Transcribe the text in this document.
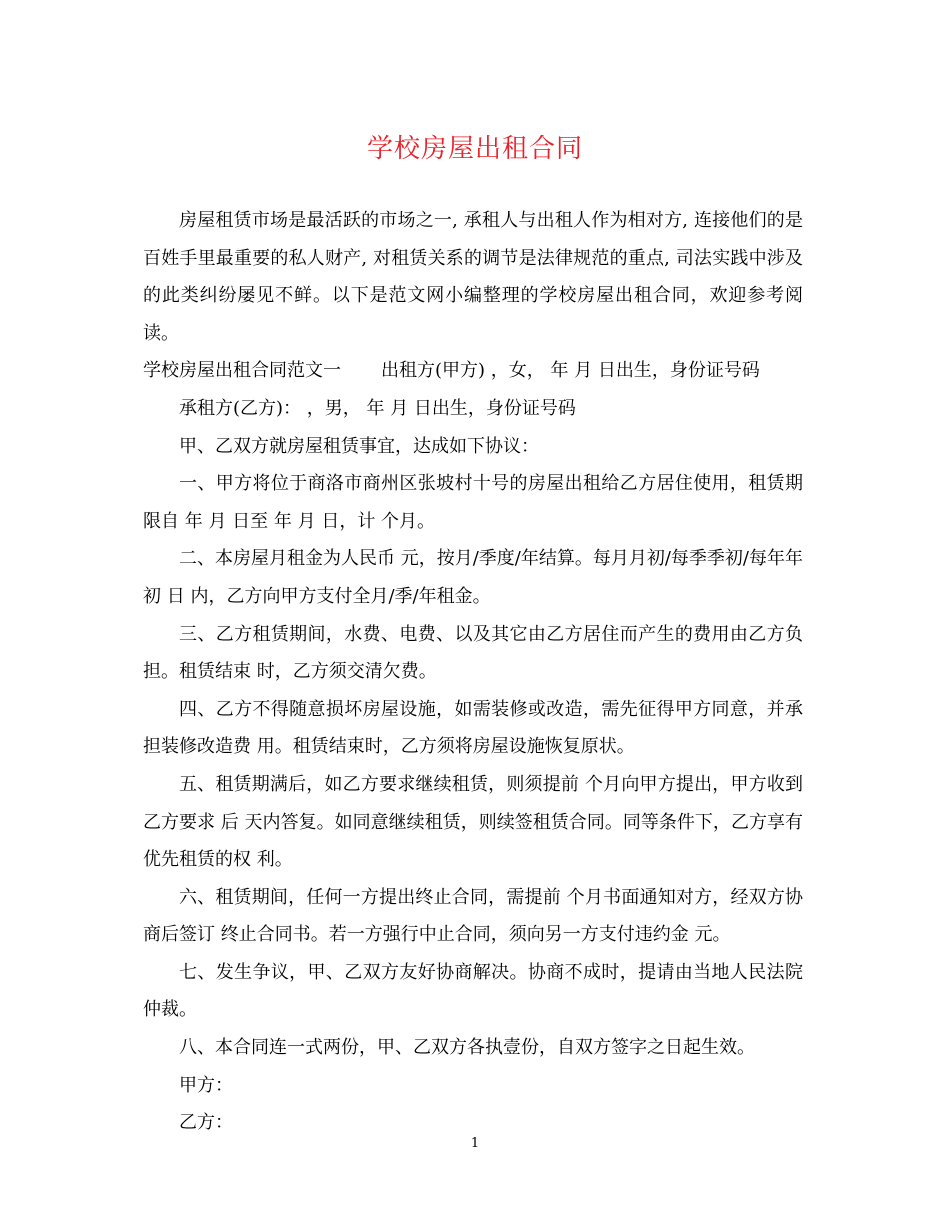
学校房屋出租合同

房屋租赁市场是最活跃的市场之一, 承租人与出租人作为相对方, 连接他们的是百姓手里最重要的私人财产, 对租赁关系的调节是法律规范的重点, 司法实践中涉及的此类纠纷屡见不鲜。以下是范文网小编整理的学校房屋出租合同，欢迎参考阅读。

学校房屋出租合同范文一 出租方(甲方) ，女， 年 月 日出生，身份证号码

承租方(乙方)： ，男， 年 月 日出生，身份证号码

甲、乙双方就房屋租赁事宜，达成如下协议：

一、甲方将位于商洛市商州区张坡村十号的房屋出租给乙方居住使用，租赁期限自 年 月 日至 年 月 日，计 个月。

二、本房屋月租金为人民币 元，按月/季度/年结算。每月月初/每季季初/每年年初 日 内，乙方向甲方支付全月/季/年租金。

三、乙方租赁期间，水费、电费、以及其它由乙方居住而产生的费用由乙方负担。租赁结束 时，乙方须交清欠费。

四、乙方不得随意损坏房屋设施，如需装修或改造，需先征得甲方同意，并承担装修改造费 用。租赁结束时，乙方须将房屋设施恢复原状。

五、租赁期满后，如乙方要求继续租赁，则须提前 个月向甲方提出，甲方收到乙方要求 后 天内答复。如同意继续租赁，则续签租赁合同。同等条件下，乙方享有优先租赁的权 利。

六、租赁期间，任何一方提出终止合同，需提前 个月书面通知对方，经双方协商后签订 终止合同书。若一方强行中止合同，须向另一方支付违约金 元。

七、发生争议，甲、乙双方友好协商解决。协商不成时，提请由当地人民法院仲裁。

八、本合同连一式两份，甲、乙双方各执壹份，自双方签字之日起生效。

甲方：

乙方：

1
